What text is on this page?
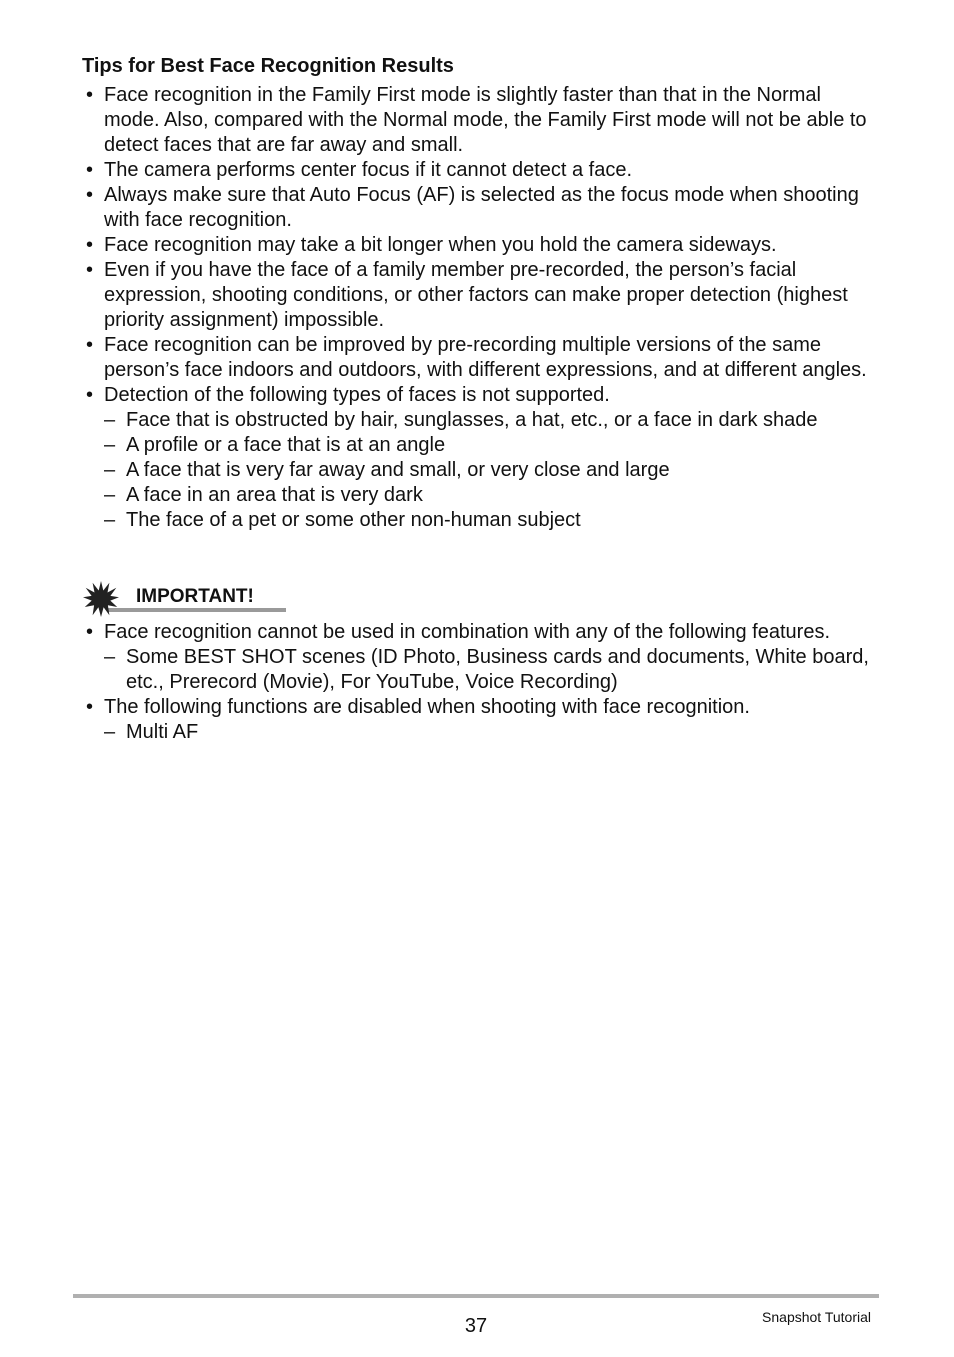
Tips for Best Face Recognition Results
• Face recognition in the Family First mode is slightly faster than that in the Normal mode. Also, compared with the Normal mode, the Family First mode will not be able to detect faces that are far away and small.
• The camera performs center focus if it cannot detect a face.
• Always make sure that Auto Focus (AF) is selected as the focus mode when shooting with face recognition.
• Face recognition may take a bit longer when you hold the camera sideways.
• Even if you have the face of a family member pre-recorded, the person’s facial expression, shooting conditions, or other factors can make proper detection (highest priority assignment) impossible.
• Face recognition can be improved by pre-recording multiple versions of the same person’s face indoors and outdoors, with different expressions, and at different angles.
• Detection of the following types of faces is not supported.
– Face that is obstructed by hair, sunglasses, a hat, etc., or a face in dark shade
– A profile or a face that is at an angle
– A face that is very far away and small, or very close and large
– A face in an area that is very dark
– The face of a pet or some other non-human subject
IMPORTANT!
• Face recognition cannot be used in combination with any of the following features.
– Some BEST SHOT scenes (ID Photo, Business cards and documents, White board, etc., Prerecord (Movie), For YouTube, Voice Recording)
• The following functions are disabled when shooting with face recognition.
– Multi AF
37	Snapshot Tutorial
